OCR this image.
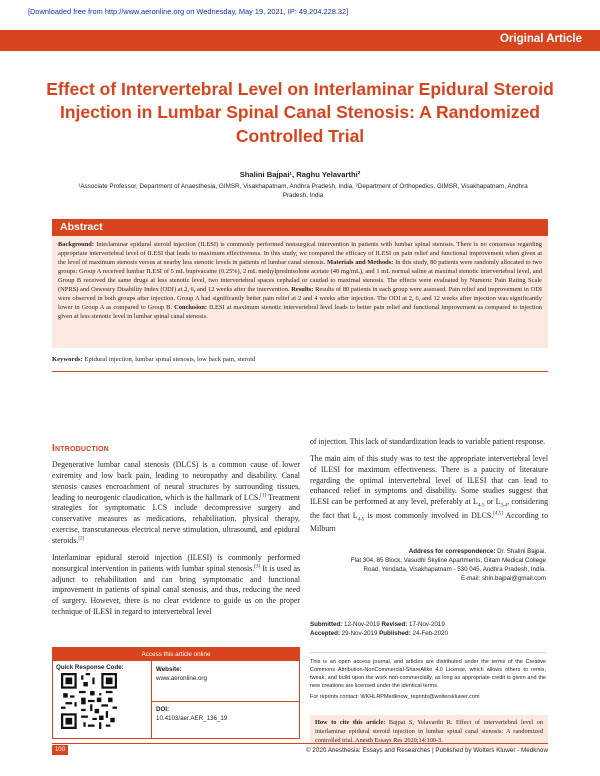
[Downloaded free from http://www.aeronline.org on Wednesday, May 19, 2021, IP: 49.204.228.32]
Original Article
Effect of Intervertebral Level on Interlaminar Epidural Steroid Injection in Lumbar Spinal Canal Stenosis: A Randomized Controlled Trial
Shalini Bajpai¹, Raghu Yelavarthi²
¹Associate Professor, Department of Anaesthesia, GIMSR, Visakhapatnam, Andhra Pradesh, India, ²Department of Orthopedics, GIMSR, Visakhapatnam, Andhra Pradesh, India
Abstract
Background: Interlaminar epidural steroid injection (ILESI) is commonly performed nonsurgical intervention in patients with lumbar spinal stenosis. There is no consensus regarding appropriate intervertebral level of ILESI that leads to maximum effectiveness. In this study, we compared the efficacy of ILESI on pain relief and functional improvement when given at the level of maximum stenosis versus at nearby less stenotic levels in patients of lumbar canal stenosis. Materials and Methods: In this study, 80 patients were randomly allocated to two groups: Group A received lumbar ILESI of 5 mL bupivacaine (0.25%), 2 mL methylprednisolone acetate (40 mg/mL), and 1 mL normal saline at maximal stenotic intervertebral level, and Group B received the same drugs at less stenotic level, two intervertebral spaces cephalad or caudad to maximal stenosis. The effects were evaluated by Numeric Pain Rating Scale (NPRS) and Oswestry Disability Index (ODI) at 2, 6, and 12 weeks after the intervention. Results: Results of 80 patients in each group were assessed. Pain relief and improvement in ODI were observed in both groups after injection. Group A had significantly better pain relief at 2 and 4 weeks after injection. The ODI at 2, 6, and 12 weeks after injection was significantly lower in Group A as compared to Group B. Conclusion: ILESI at maximum stenotic intervertebral level leads to better pain relief and functional improvement as compared to injection given at less stenotic level in lumbar spinal canal stenosis.
Keywords: Epidural injection, lumbar spinal stenosis, low back pain, steroid
Introduction

Degenerative lumbar canal stenosis (DLCS) is a common cause of lower extremity and low back pain, leading to neuropathy and disability. Canal stenosis causes encroachment of neural structures by surrounding tissues, leading to neurogenic claudication, which is the hallmark of LCS.[1] Treatment strategies for symptomatic LCS include decompressive surgery and conservative measures as medications, rehabilitation, physical therapy, exercise, transcutaneous electrical nerve stimulation, ultrasound, and epidural steroids.[2]

Interlaminar epidural steroid injection (ILESI) is commonly performed nonsurgical intervention in patients with lumbar spinal stenosis.[3] It is used as adjunct to rehabilitation and can bring symptomatic and functional improvement in patients of spinal canal stenosis, and thus, reducing the need of surgery. However, there is no clear evidence to guide us on the proper technique of ILESI in regard to intervertebral level

of injection. This lack of standardization leads to variable patient response.

The main aim of this study was to test the appropriate intervertebral level of ILESI for maximum effectiveness. There is a paucity of literature regarding the optimal intervertebral level of ILESI that can lead to enhanced relief in symptoms and disability. Some studies suggest that ILESI can be performed at any level, preferably at $L_{4-5}$ or $L_{3-4}$, considering the fact that $L_{4-5}$ is most commonly involved in DLCS.[4,5] According to Milburn

Address for correspondence: Dr. Shalini Bajpai,
Flat 304, 85 Block, Vasudhi Skyline Apartments, Gitam Medical College
Road, Yendada, Visakhapatnam - 530 045, Andhra Pradesh, India.
E-mail: shln.bajpai@gmail.com
Submitted: 12-Nov-2019 Revised: 17-Nov-2019
Accepted: 29-Nov-2019 Published: 24-Feb-2020
This is an open access journal, and articles are distributed under the terms of the Creative Commons Attribution-NonCommercial-ShareAlike 4.0 License, which allows others to remix, tweak, and build upon the work non-commercially, as long as appropriate credit is given and the new creations are licensed under the identical terms.
For reprints contact: WKHLRPMedknow_reprints@wolterskluwer.com
How to cite this article: Bajpai S, Yelavarthi R. Effect of intervertebral level on interlaminar epidural steroid injection in lumbar spinal canal stenosis: A randomized controlled trial. Anesth Essays Res 2020;14:100-3.
Access this article online
Quick Response Code:	Website:
www.aeronline.org
DOI:
10.4103/aer.AER_136_19
100	© 2020 Anesthesia: Essays and Researches | Published by Wolters Kluwer - Medknow
